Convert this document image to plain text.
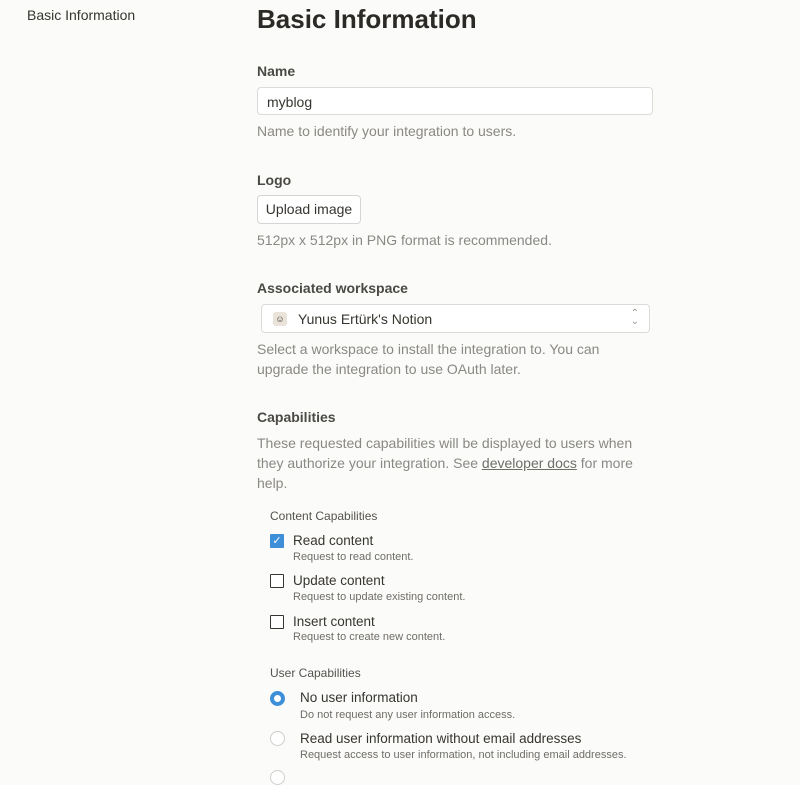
Basic Information	Basic Information
Name
myblog
Name to identify your integration to users.
Logo
Upload image
512px x 512px in PNG format is recommended.
Associated workspace
☺ Yunus Ertürk's Notion	⌃
⌄
Select a workspace to install the integration to. You can upgrade the integration to use OAuth later.
Capabilities
These requested capabilities will be displayed to users when they authorize your integration. See developer docs for more help.
Content Capabilities
✓ Read content
Request to read content.
Update content
Request to update existing content.
Insert content
Request to create new content.
User Capabilities
No user information
Do not request any user information access.
Read user information without email addresses
Request access to user information, not including email addresses.
